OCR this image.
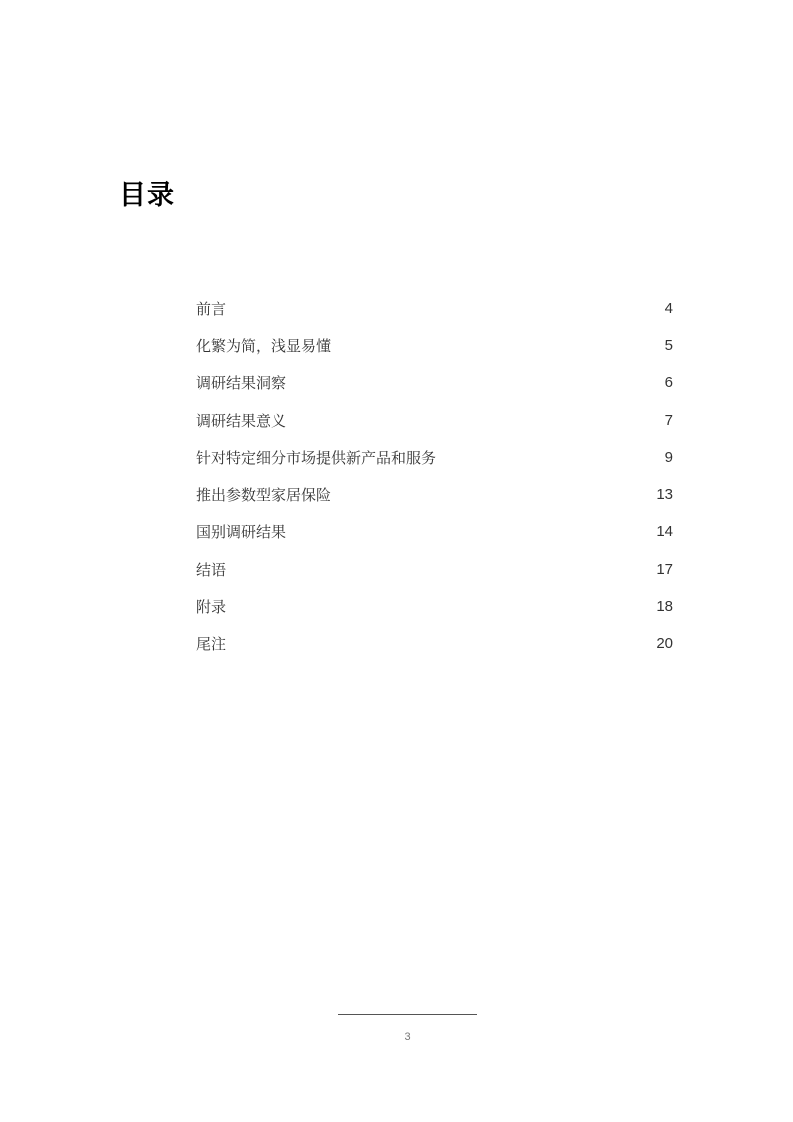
目录
前言	4
化繁为简，浅显易懂	5
调研结果洞察	6
调研结果意义	7
针对特定细分市场提供新产品和服务	9
推出参数型家居保险	13
国别调研结果	14
结语	17
附录	18
尾注	20
3
